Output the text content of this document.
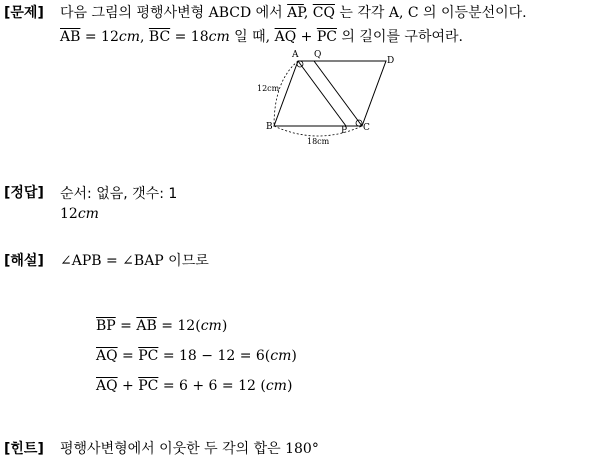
[문제] 다음 그림의 평행사변형 ABCD 에서 $\overline{AP}$, $\overline{CQ}$ 는 각각 A, C 의 이등분선이다.
$\overline{AB} = 12cm$, $\overline{BC} = 18cm$ 일 때, $\overline{AQ} + \overline{PC}$ 의 길이를 구하여라.
A Q
D
B	P C
12cm
18cm
[정답] 순서: 없음, 갯수: 1
12cm
[해설] ∠APB = ∠BAP 이므로
$\overline{BP} = \overline{AB} = 12(cm)$
$\overline{AQ} = \overline{PC} = 18 - 12 = 6(cm)$
$\overline{AQ} + \overline{PC} = 6 + 6 = 12$ (cm)
[힌트] 평행사변형에서 이웃한 두 각의 합은 180°
